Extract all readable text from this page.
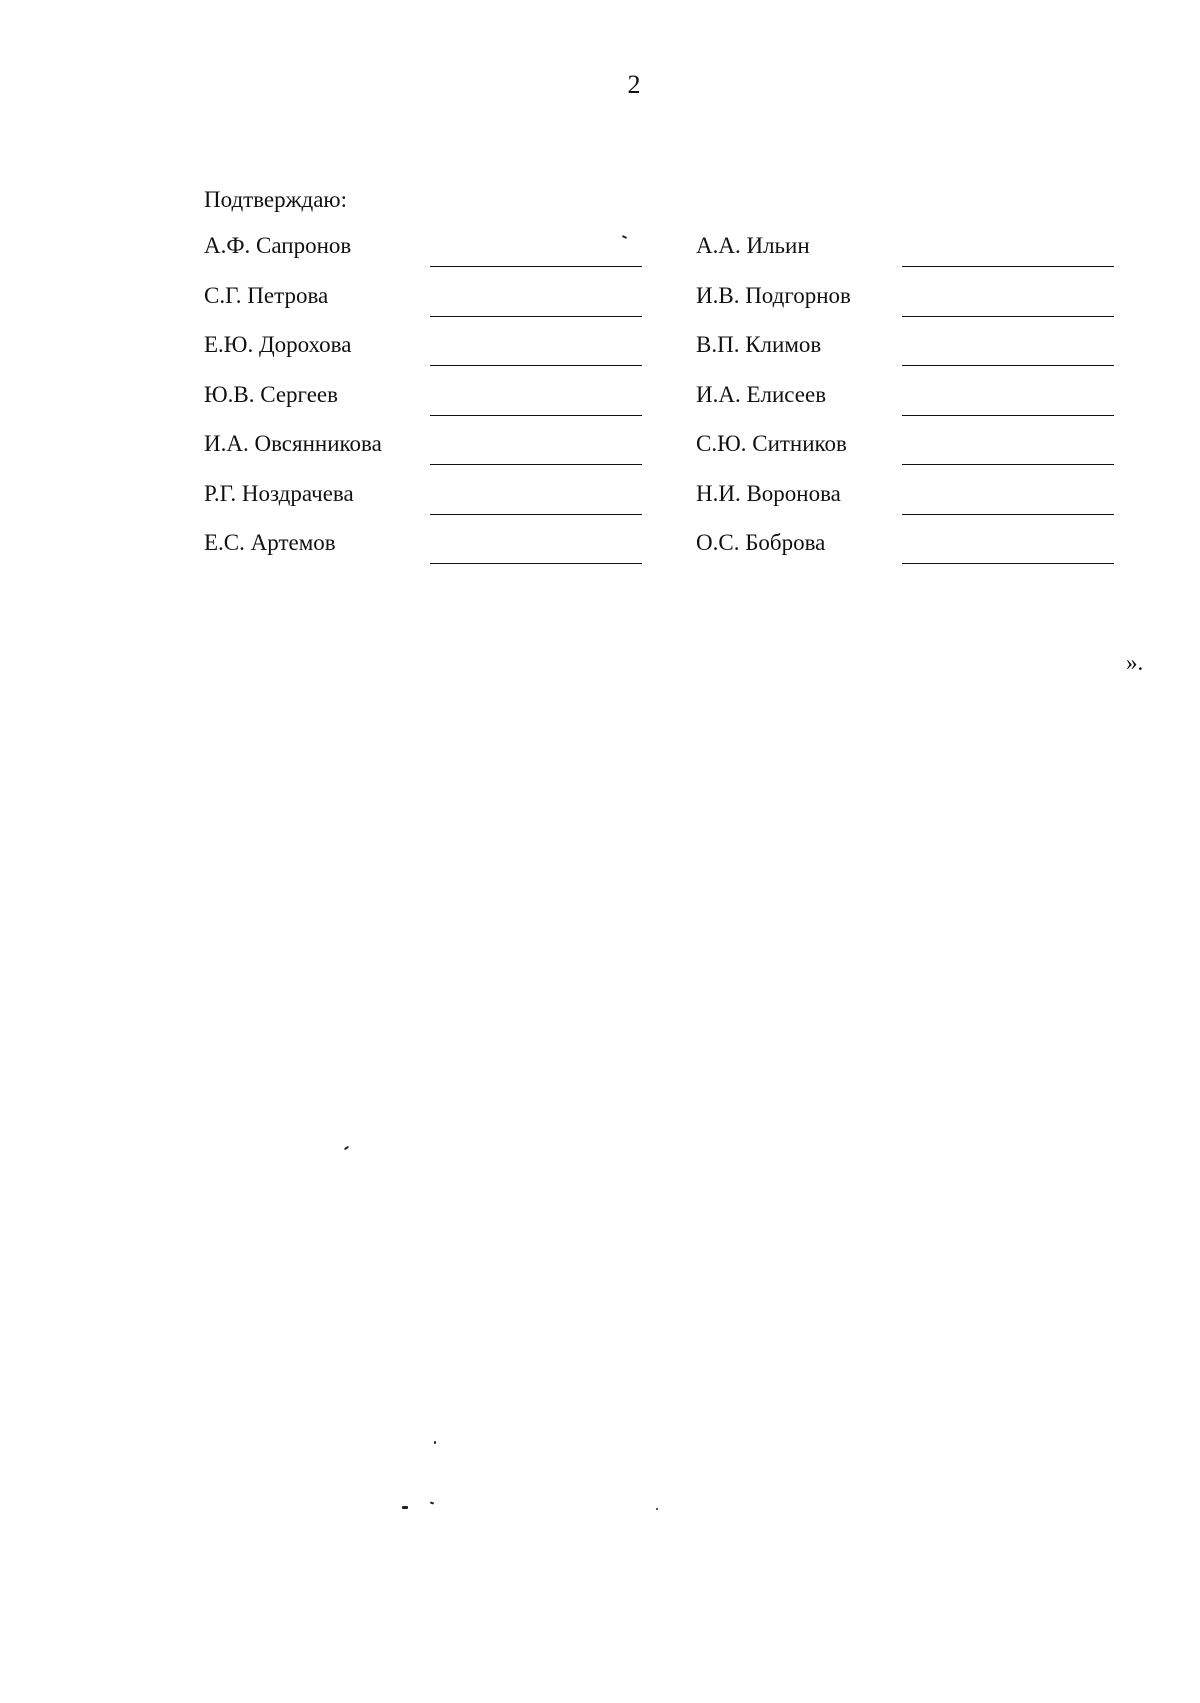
2
Подтверждаю:
А.Ф. Сапронов	А.А. Ильин
С.Г. Петрова	И.В. Подгорнов
Е.Ю. Дорохова	В.П. Климов
Ю.В. Сергеев	И.А. Елисеев
И.А. Овсянникова	С.Ю. Ситников
Р.Г. Ноздрачева	Н.И. Воронова
Е.С. Артемов	О.С. Боброва
».
